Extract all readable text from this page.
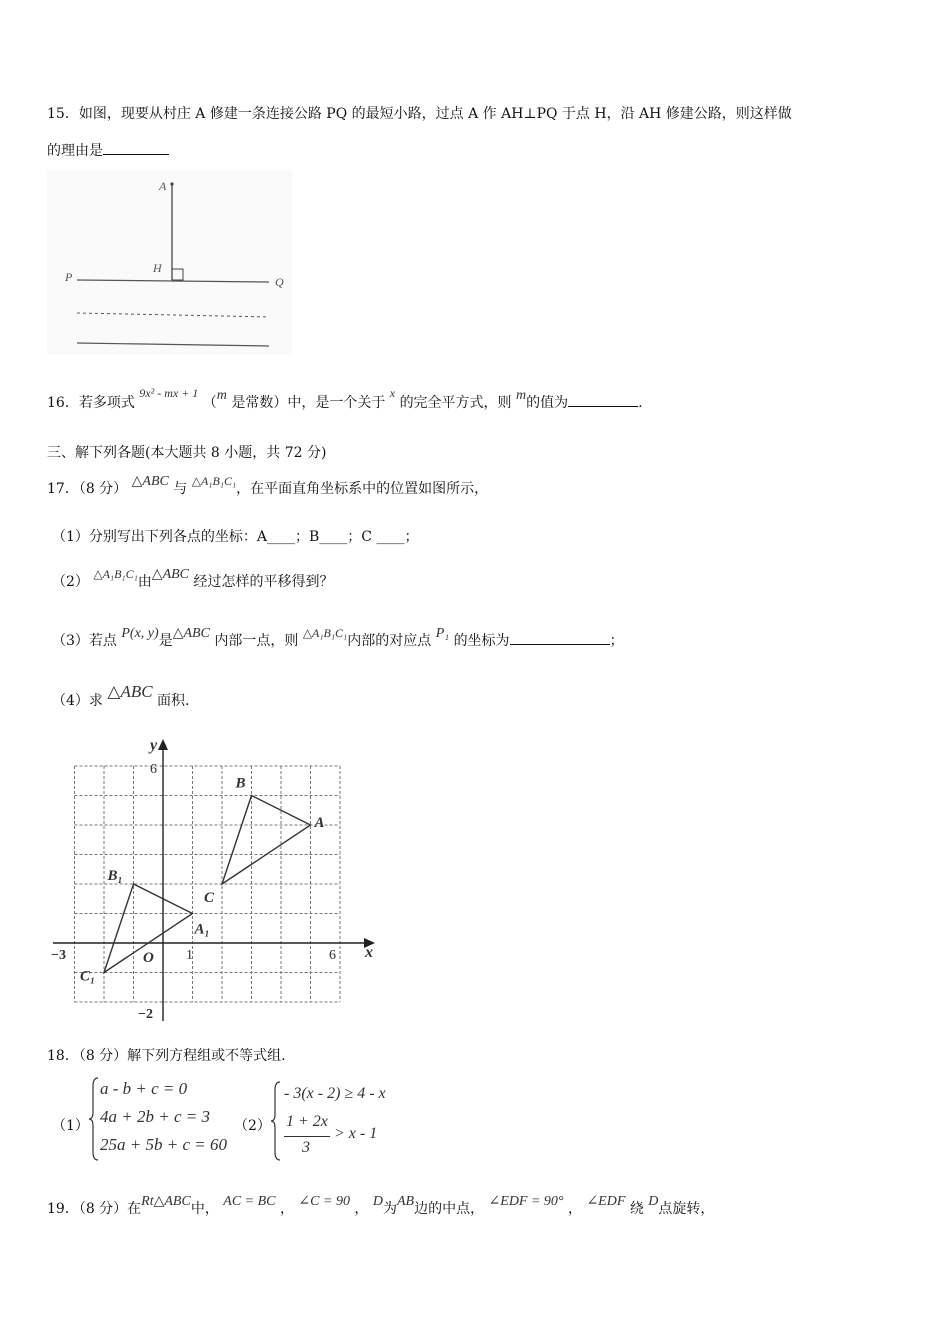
15．如图，现要从村庄 A 修建一条连接公路 PQ 的最短小路，过点 A 作 AH⊥PQ 于点 H，沿 AH 修建公路，则这样做
的理由是
A
H
P	Q
16．若多项式 9x² - mx + 1 （m 是常数）中，是一个关于 x 的完全平方式，则 m的值为	.
三、解下列各题(本大题共 8 小题，共 72 分)
17．（8 分） △ABC 与 △A₁B₁C₁，在平面直角坐标系中的位置如图所示，
（1）分别写出下列各点的坐标：A____；B____；C ____；
（2） △A₁B₁C₁由△ABC 经过怎样的平移得到？
（3）若点 P(x, y)是△ABC 内部一点，则 △A₁B₁C₁内部的对应点 P₁ 的坐标为	；
（4）求 △ABC 面积.
A
B
C
A₁
B₁
C₁
y
x
6
−2
−3	O 1	6
18．（8 分）解下列方程组或不等式组.
（1）
a - b + c = 0
4a + 2b + c = 3
25a + 5b + c = 60
（2）
- 3(x - 2) ≥ 4 - x
1 + 2x
3
> x - 1
19．（8 分）在Rt△ABC中， AC = BC ， ∠C = 90 ， D为AB边的中点， ∠EDF = 90° ， ∠EDF 绕 D点旋转，
